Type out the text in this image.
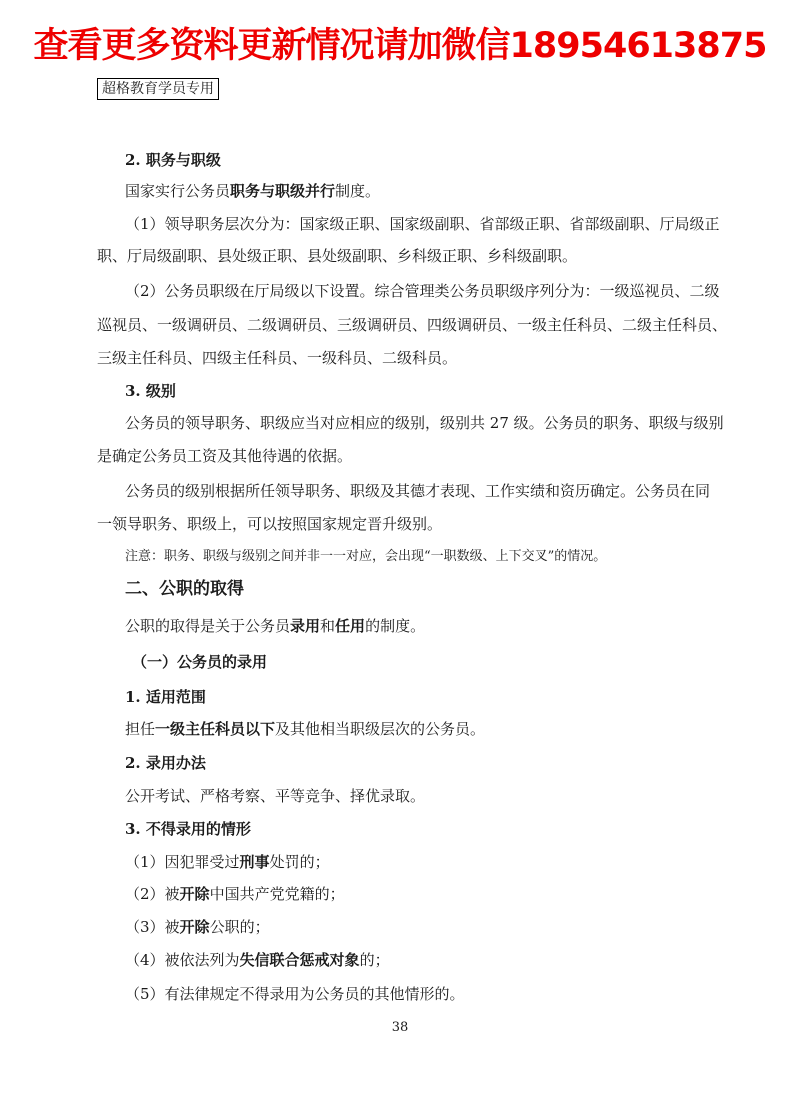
查看更多资料更新情况请加微信18954613875
超格教育学员专用
2. 职务与职级
国家实行公务员职务与职级并行制度。
（1）领导职务层次分为：国家级正职、国家级副职、省部级正职、省部级副职、厅局级正
职、厅局级副职、县处级正职、县处级副职、乡科级正职、乡科级副职。
（2）公务员职级在厅局级以下设置。综合管理类公务员职级序列分为：一级巡视员、二级
巡视员、一级调研员、二级调研员、三级调研员、四级调研员、一级主任科员、二级主任科员、
三级主任科员、四级主任科员、一级科员、二级科员。
3. 级别
公务员的领导职务、职级应当对应相应的级别，级别共 27 级。公务员的职务、职级与级别
是确定公务员工资及其他待遇的依据。
公务员的级别根据所任领导职务、职级及其德才表现、工作实绩和资历确定。公务员在同
一领导职务、职级上，可以按照国家规定晋升级别。
注意：职务、职级与级别之间并非一一对应，会出现“一职数级、上下交叉”的情况。
二、公职的取得
公职的取得是关于公务员录用和任用的制度。
（一）公务员的录用
1. 适用范围
担任一级主任科员以下及其他相当职级层次的公务员。
2. 录用办法
公开考试、严格考察、平等竞争、择优录取。
3. 不得录用的情形
（1）因犯罪受过刑事处罚的；
（2）被开除中国共产党党籍的；
（3）被开除公职的；
（4）被依法列为失信联合惩戒对象的；
（5）有法律规定不得录用为公务员的其他情形的。
38
